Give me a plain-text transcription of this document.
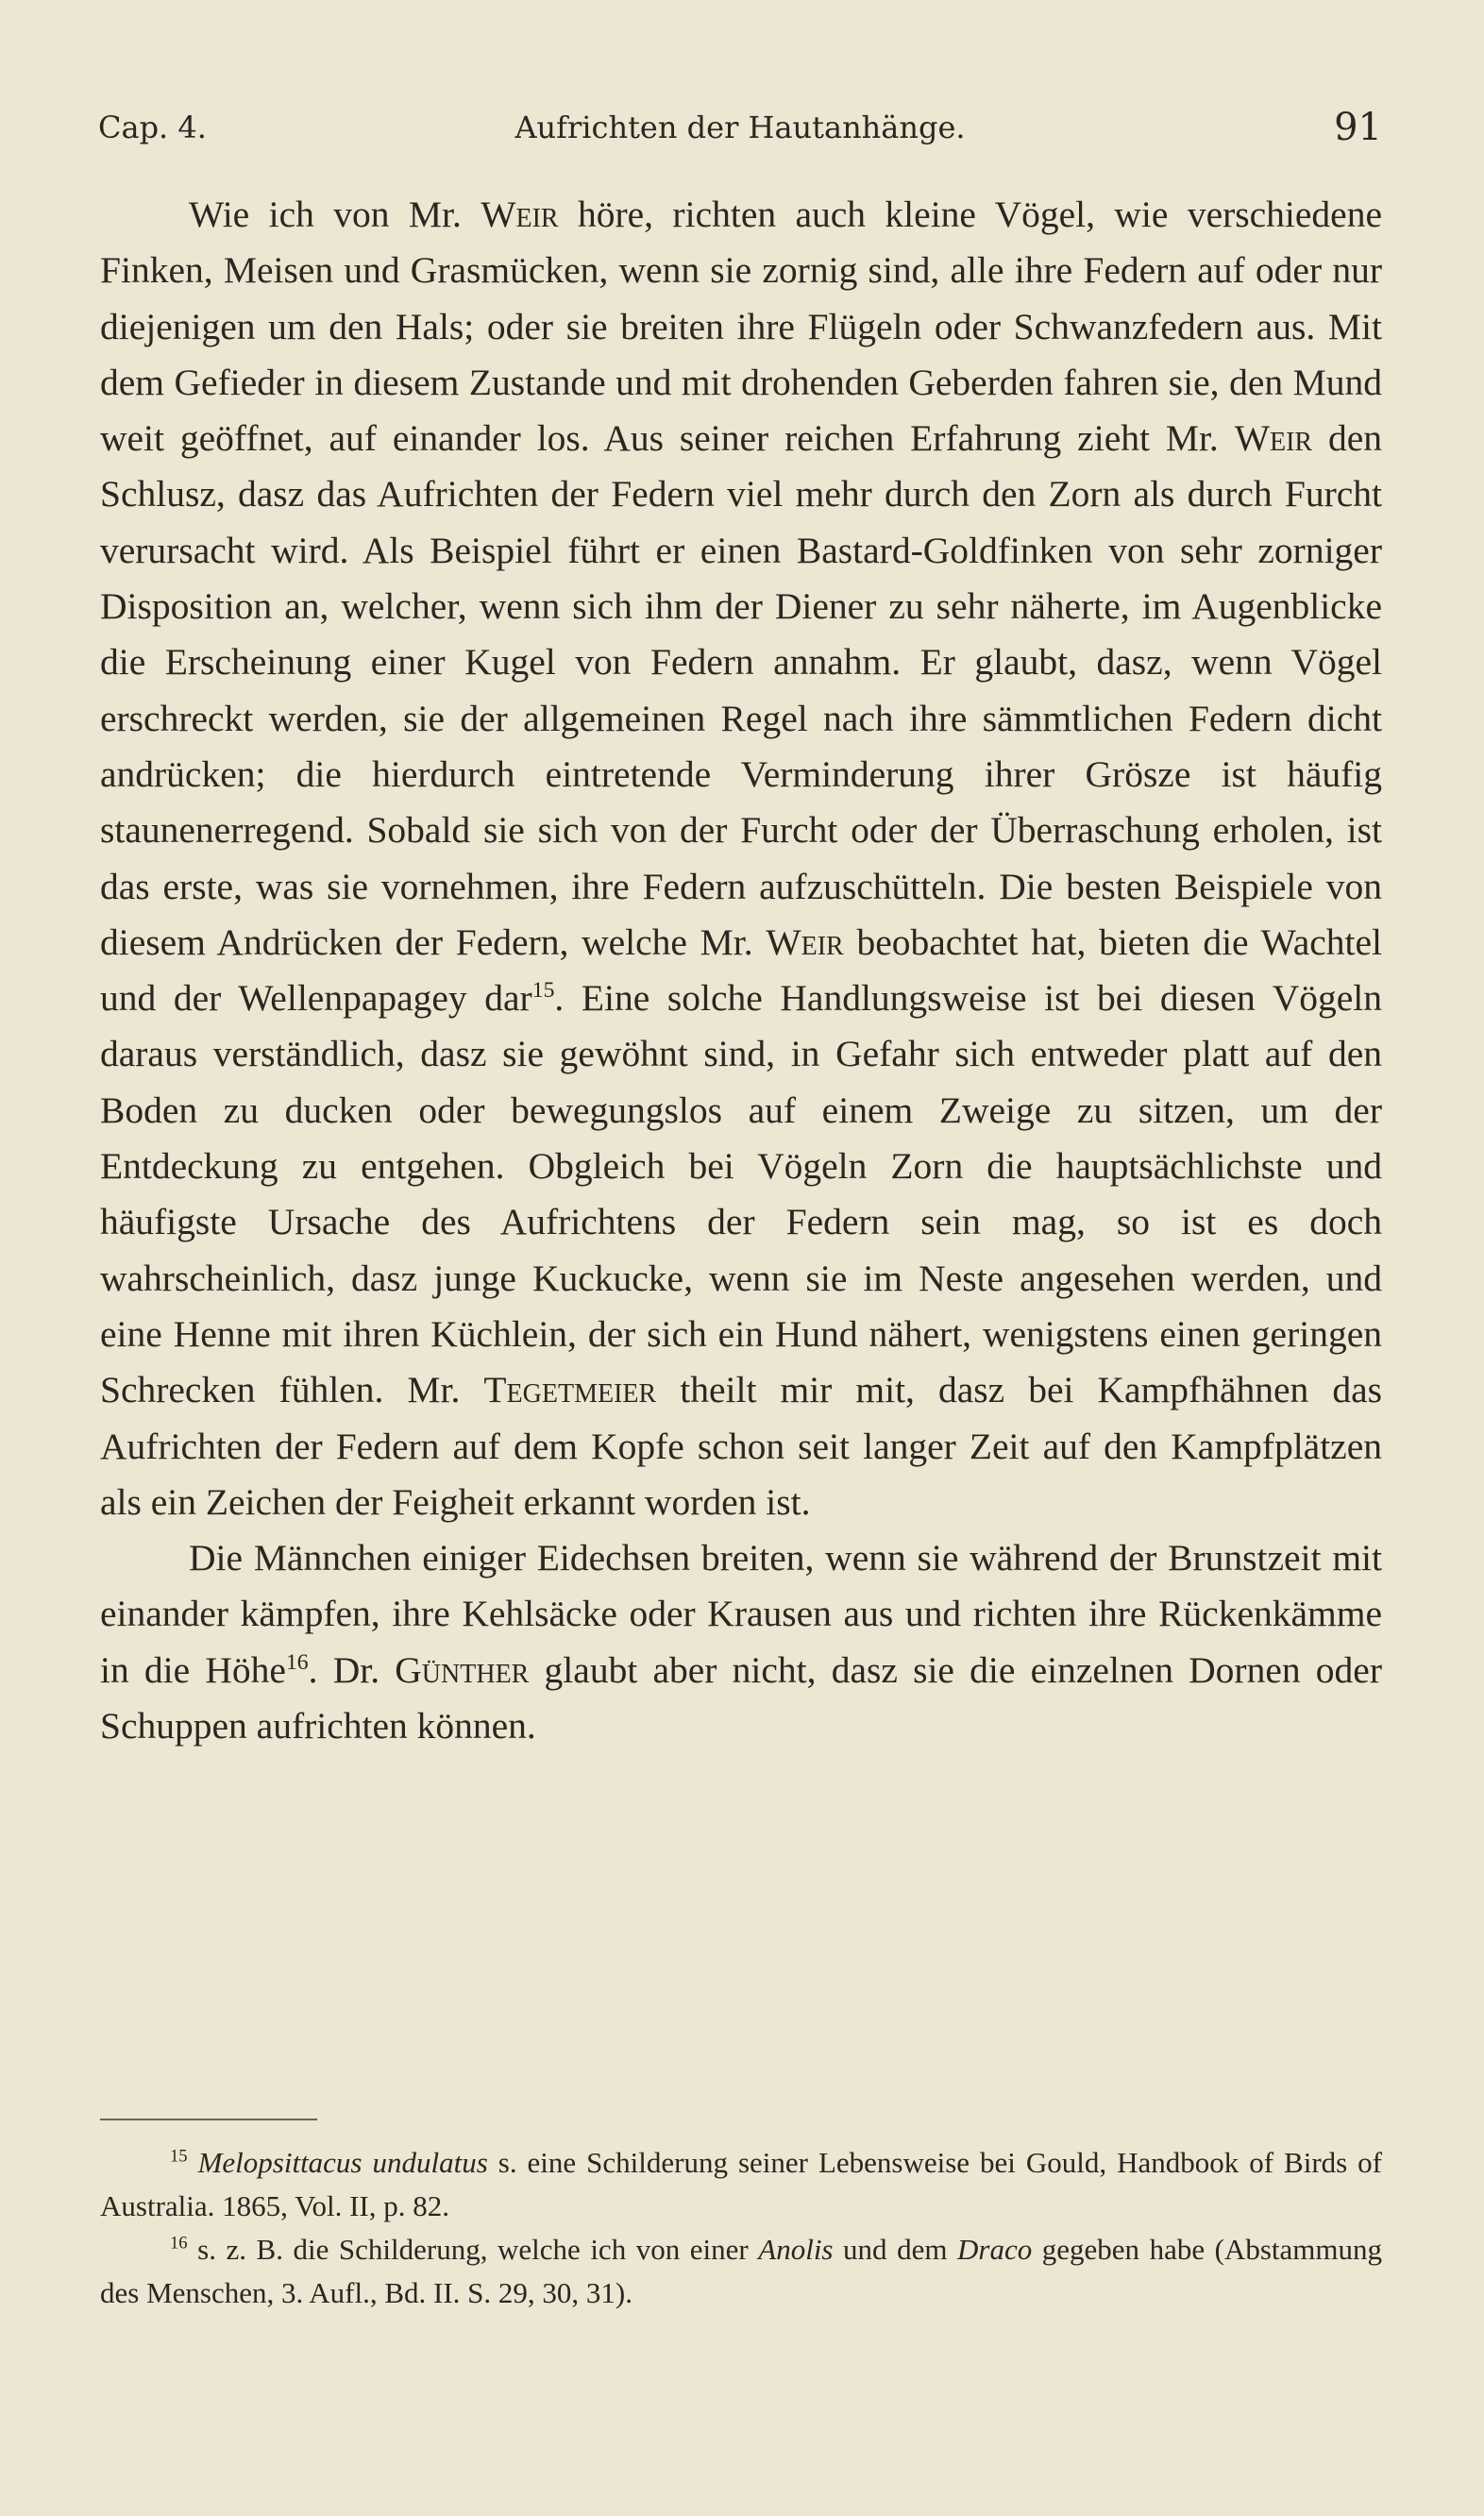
Cap. 4.	Aufrichten der Hautanhänge.	91

Wie ich von Mr. Weir höre, richten auch kleine Vögel, wie verschiedene Finken, Meisen und Grasmücken, wenn sie zornig sind, alle ihre Federn auf oder nur diejenigen um den Hals; oder sie breiten ihre Flügeln oder Schwanzfedern aus. Mit dem Gefieder in diesem Zustande und mit drohenden Geberden fahren sie, den Mund weit geöffnet, auf einander los. Aus seiner reichen Erfahrung zieht Mr. Weir den Schlusz, dasz das Aufrichten der Federn viel mehr durch den Zorn als durch Furcht verursacht wird. Als Beispiel führt er einen Bastard-Goldfinken von sehr zorniger Disposition an, welcher, wenn sich ihm der Diener zu sehr näherte, im Augenblicke die Erscheinung einer Kugel von Federn annahm. Er glaubt, dasz, wenn Vögel erschreckt werden, sie der allgemeinen Regel nach ihre sämmtlichen Federn dicht andrücken; die hierdurch eintretende Verminderung ihrer Grösze ist häufig staunenerregend. Sobald sie sich von der Furcht oder der Überraschung erholen, ist das erste, was sie vornehmen, ihre Federn aufzuschütteln. Die besten Beispiele von diesem Andrücken der Federn, welche Mr. Weir beobachtet hat, bieten die Wachtel und der Wellenpapagey dar$^{15}$. Eine solche Handlungsweise ist bei diesen Vögeln daraus verständlich, dasz sie gewöhnt sind, in Gefahr sich entweder platt auf den Boden zu ducken oder bewegungslos auf einem Zweige zu sitzen, um der Entdeckung zu entgehen. Obgleich bei Vögeln Zorn die hauptsächlichste und häufigste Ursache des Aufrichtens der Federn sein mag, so ist es doch wahrscheinlich, dasz junge Kuckucke, wenn sie im Neste angesehen werden, und eine Henne mit ihren Küchlein, der sich ein Hund nähert, wenigstens einen geringen Schrecken fühlen. Mr. Tegetmeier theilt mir mit, dasz bei Kampfhähnen das Aufrichten der Federn auf dem Kopfe schon seit langer Zeit auf den Kampfplätzen als ein Zeichen der Feigheit erkannt worden ist.

Die Männchen einiger Eidechsen breiten, wenn sie während der Brunstzeit mit einander kämpfen, ihre Kehlsäcke oder Krausen aus und richten ihre Rückenkämme in die Höhe$^{16}$. Dr. Günther glaubt aber nicht, dasz sie die einzelnen Dornen oder Schuppen aufrichten können.

$^{15}$ Melopsittacus undulatus s. eine Schilderung seiner Lebensweise bei Gould, Handbook of Birds of Australia. 1865, Vol. II, p. 82.

$^{16}$ s. z. B. die Schilderung, welche ich von einer Anolis und dem Draco gegeben habe (Abstammung des Menschen, 3. Aufl., Bd. II. S. 29, 30, 31).
